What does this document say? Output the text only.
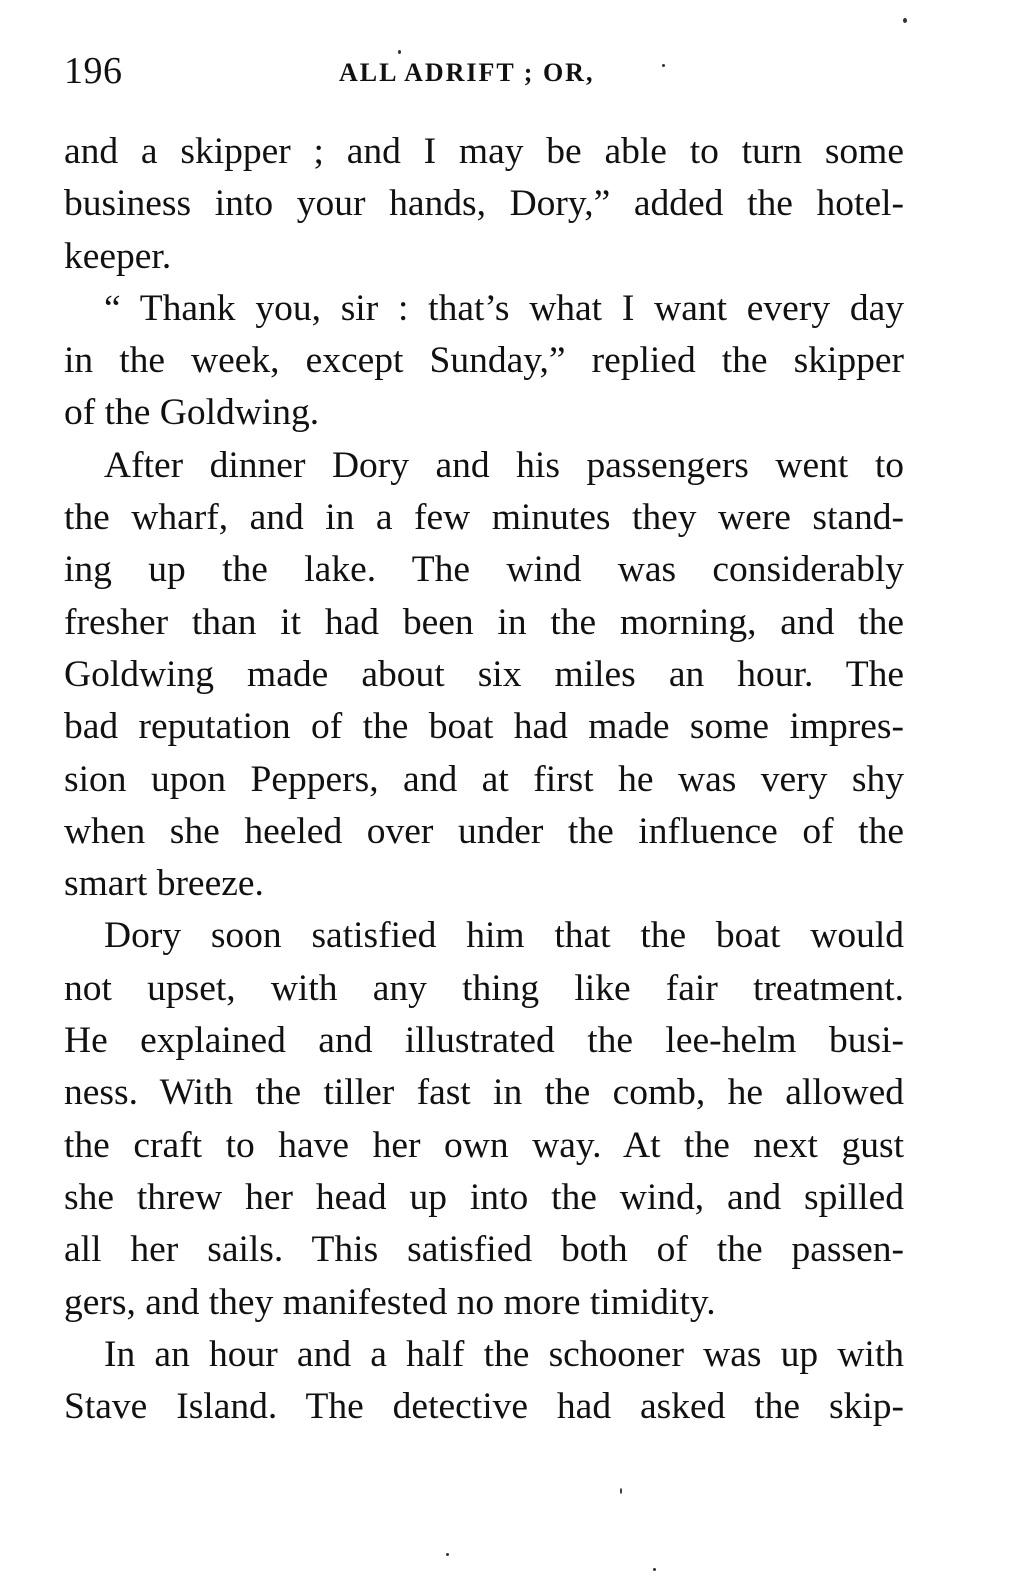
196	ALL ADRIFT ; OR,
and a skipper ; and I may be able to turn some
business into your hands, Dory,” added the hotel-
keeper.
“ Thank you, sir : that’s what I want every day
in the week, except Sunday,” replied the skipper
of the Goldwing.
After dinner Dory and his passengers went to
the wharf, and in a few minutes they were stand-
ing up the lake. The wind was considerably
fresher than it had been in the morning, and the
Goldwing made about six miles an hour. The
bad reputation of the boat had made some impres-
sion upon Peppers, and at first he was very shy
when she heeled over under the influence of the
smart breeze.
Dory soon satisfied him that the boat would
not upset, with any thing like fair treatment.
He explained and illustrated the lee-helm busi-
ness. With the tiller fast in the comb, he allowed
the craft to have her own way. At the next gust
she threw her head up into the wind, and spilled
all her sails. This satisfied both of the passen-
gers, and they manifested no more timidity.
In an hour and a half the schooner was up with
Stave Island. The detective had asked the skip-
